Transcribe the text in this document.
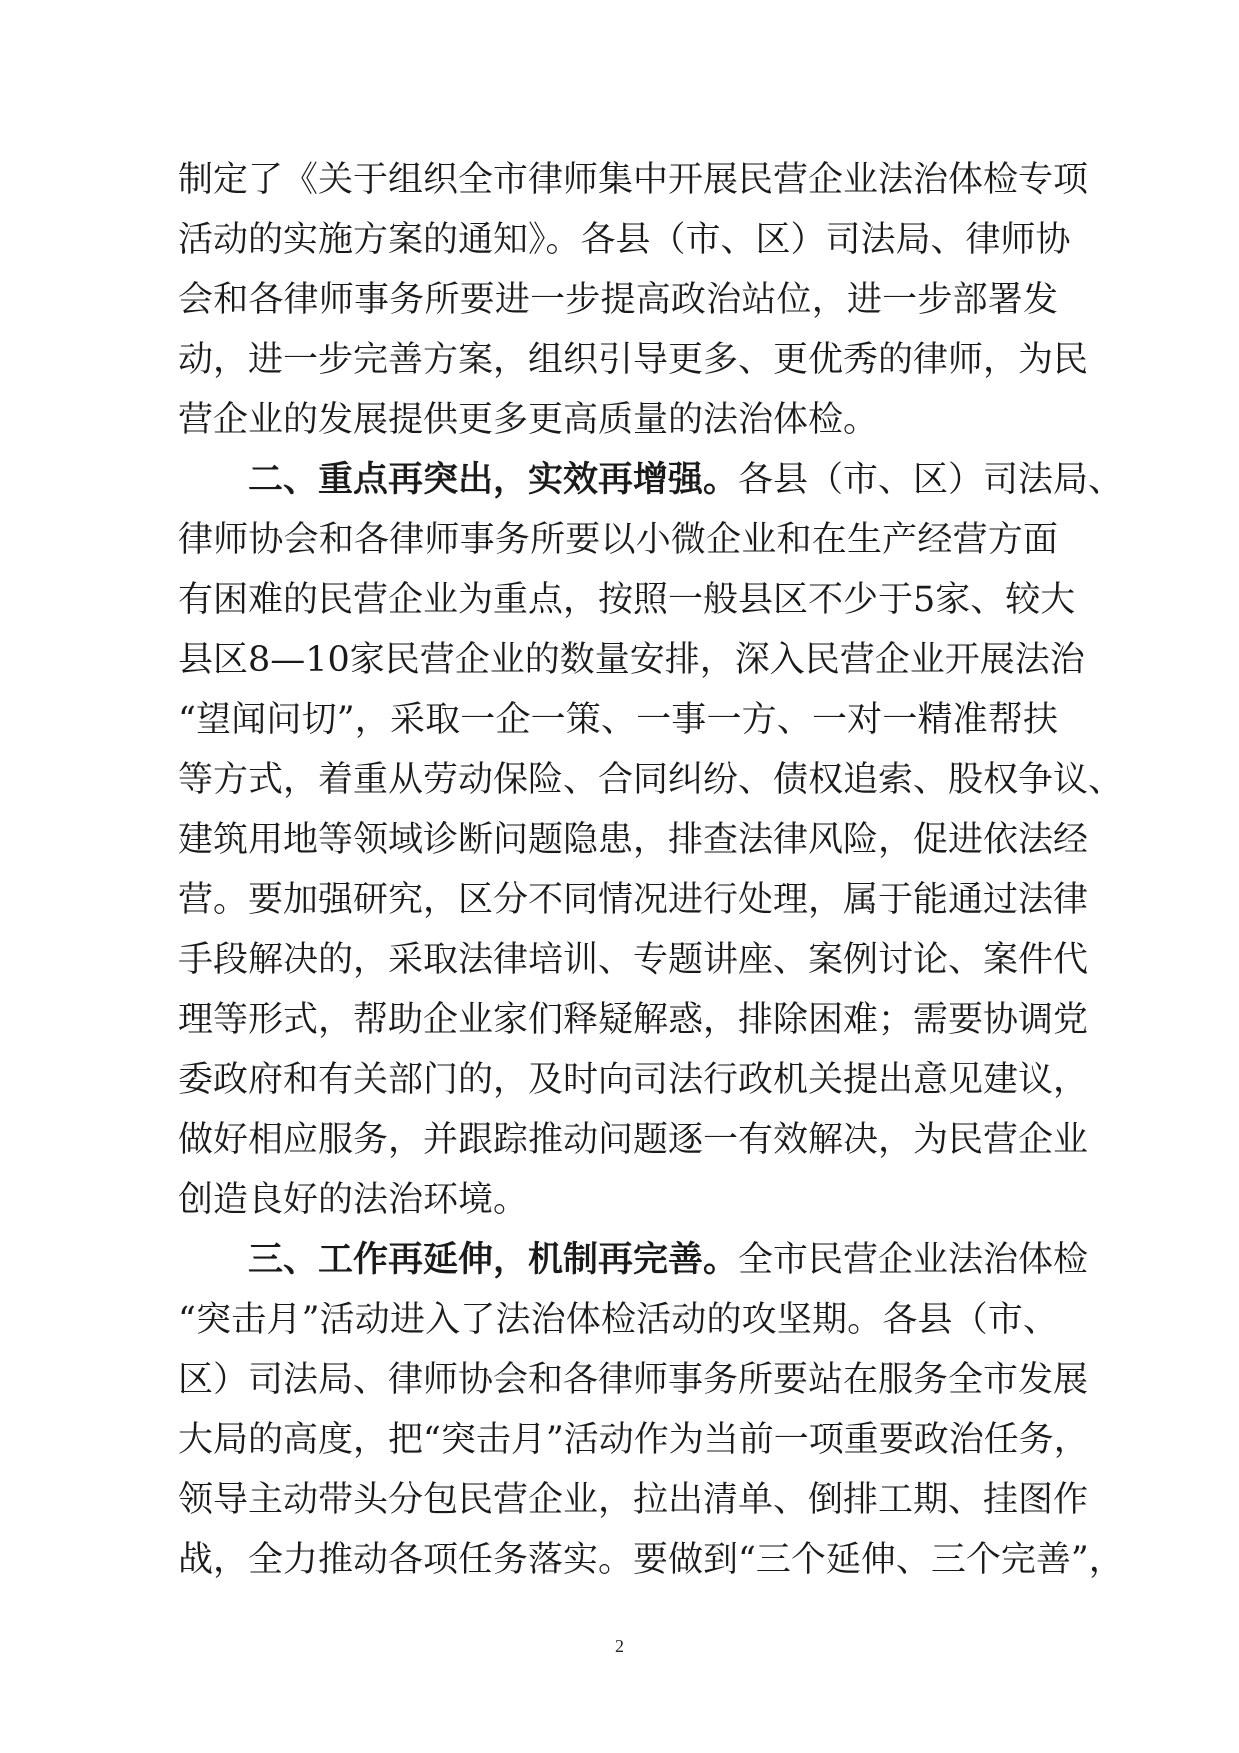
制定了《关于组织全市律师集中开展民营企业法治体检专项
活动的实施方案的通知》。各县（市、区）司法局、律师协
会和各律师事务所要进一步提高政治站位，进一步部署发
动，进一步完善方案，组织引导更多、更优秀的律师，为民
营企业的发展提供更多更高质量的法治体检。
二、重点再突出，实效再增强。各县（市、区）司法局、
律师协会和各律师事务所要以小微企业和在生产经营方面
有困难的民营企业为重点，按照一般县区不少于5家、较大
县区8—10家民营企业的数量安排，深入民营企业开展法治
“望闻问切”，采取一企一策、一事一方、一对一精准帮扶
等方式，着重从劳动保险、合同纠纷、债权追索、股权争议、
建筑用地等领域诊断问题隐患，排查法律风险，促进依法经
营。要加强研究，区分不同情况进行处理，属于能通过法律
手段解决的，采取法律培训、专题讲座、案例讨论、案件代
理等形式，帮助企业家们释疑解惑，排除困难；需要协调党
委政府和有关部门的，及时向司法行政机关提出意见建议，
做好相应服务，并跟踪推动问题逐一有效解决，为民营企业
创造良好的法治环境。
三、工作再延伸，机制再完善。全市民营企业法治体检
“突击月”活动进入了法治体检活动的攻坚期。各县（市、
区）司法局、律师协会和各律师事务所要站在服务全市发展
大局的高度，把“突击月”活动作为当前一项重要政治任务，
领导主动带头分包民营企业，拉出清单、倒排工期、挂图作
战，全力推动各项任务落实。要做到“三个延伸、三个完善”，
2
